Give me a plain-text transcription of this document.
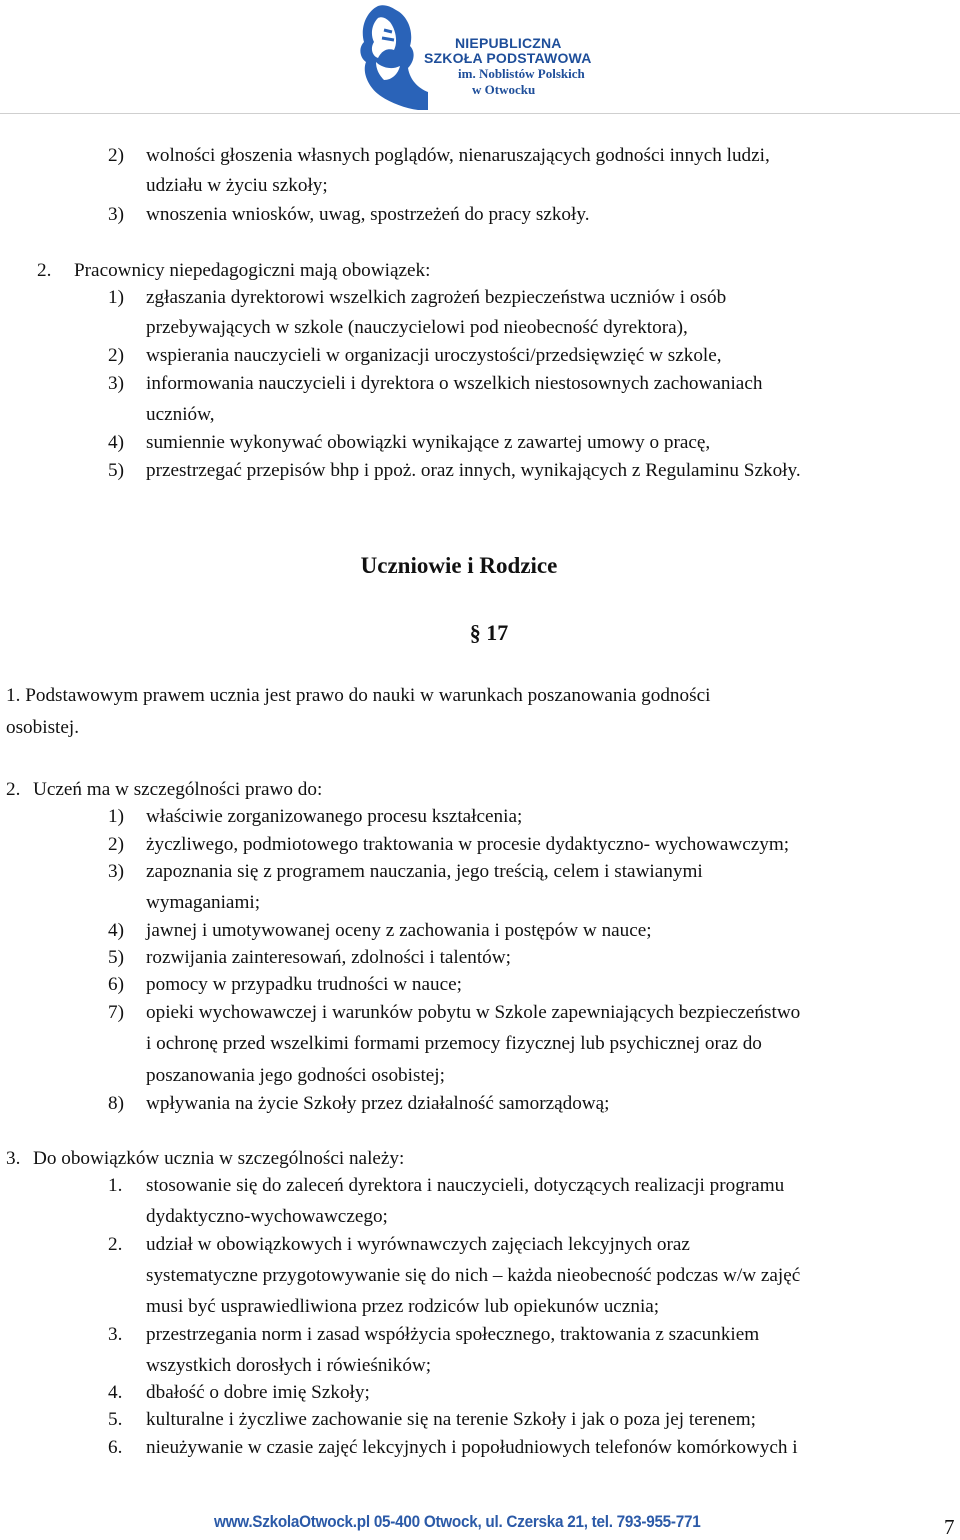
NIEPUBLICZNA
SZKOŁA PODSTAWOWA
im. Noblistów Polskich
w Otwocku
2) wolności głoszenia własnych poglądów, nienaruszających godności innych ludzi,
udziału w życiu szkoły;
3) wnoszenia wniosków, uwag, spostrzeżeń do pracy szkoły.
2. Pracownicy niepedagogiczni mają obowiązek:
1) zgłaszania dyrektorowi wszelkich zagrożeń bezpieczeństwa uczniów i osób
przebywających w szkole (nauczycielowi pod nieobecność dyrektora),
2) wspierania nauczycieli w organizacji uroczystości/przedsięwzięć w szkole,
3) informowania nauczycieli i dyrektora o wszelkich niestosownych zachowaniach
uczniów,
4) sumiennie wykonywać obowiązki wynikające z zawartej umowy o pracę,
5) przestrzegać przepisów bhp i ppoż. oraz innych, wynikających z Regulaminu Szkoły.
Uczniowie i Rodzice
§ 17
1. Podstawowym prawem ucznia jest prawo do nauki w warunkach poszanowania godności
osobistej.
2. Uczeń ma w szczególności prawo do:
1) właściwie zorganizowanego procesu kształcenia;
2) życzliwego, podmiotowego traktowania w procesie dydaktyczno- wychowawczym;
3) zapoznania się z programem nauczania, jego treścią, celem i stawianymi
wymaganiami;
4) jawnej i umotywowanej oceny z zachowania i postępów w nauce;
5) rozwijania zainteresowań, zdolności i talentów;
6) pomocy w przypadku trudności w nauce;
7) opieki wychowawczej i warunków pobytu w Szkole zapewniających bezpieczeństwo
i ochronę przed wszelkimi formami przemocy fizycznej lub psychicznej oraz do
poszanowania jego godności osobistej;
8) wpływania na życie Szkoły przez działalność samorządową;
3. Do obowiązków ucznia w szczególności należy:
1. stosowanie się do zaleceń dyrektora i nauczycieli, dotyczących realizacji programu
dydaktyczno-wychowawczego;
2. udział w obowiązkowych i wyrównawczych zajęciach lekcyjnych oraz
systematyczne przygotowywanie się do nich – każda nieobecność podczas w/w zajęć
musi być usprawiedliwiona przez rodziców lub opiekunów ucznia;
3. przestrzegania norm i zasad współżycia społecznego, traktowania z szacunkiem
wszystkich dorosłych i rówieśników;
4. dbałość o dobre imię Szkoły;
5. kulturalne i życzliwe zachowanie się na terenie Szkoły i jak o poza jej terenem;
6. nieużywanie w czasie zajęć lekcyjnych i popołudniowych telefonów komórkowych i
www.SzkolaOtwock.pl 05-400 Otwock, ul. Czerska 21, tel. 793-955-771	7
